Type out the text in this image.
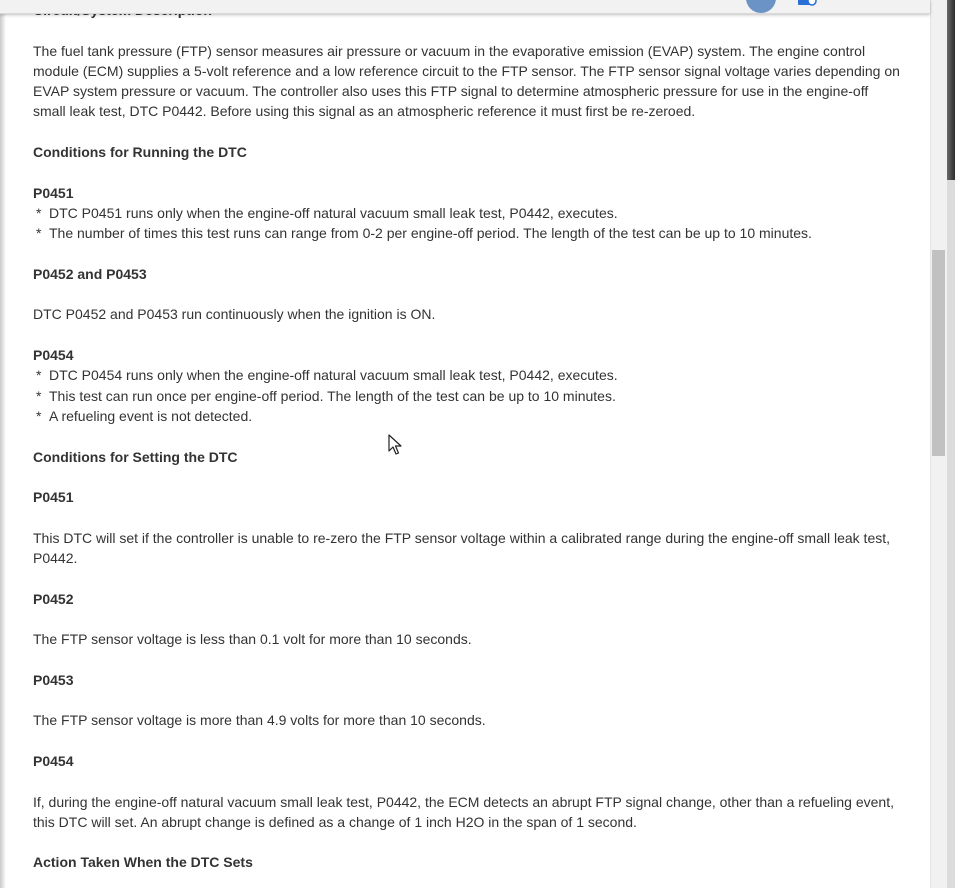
The fuel tank pressure (FTP) sensor measures air pressure or vacuum in the evaporative emission (EVAP) system. The engine control module (ECM) supplies a 5-volt reference and a low reference circuit to the FTP sensor. The FTP sensor signal voltage varies depending on EVAP system pressure or vacuum. The controller also uses this FTP signal to determine atmospheric pressure for use in the engine-off small leak test, DTC P0442. Before using this signal as an atmospheric reference it must first be re-zeroed.

Conditions for Running the DTC

P0451

* DTC P0451 runs only when the engine-off natural vacuum small leak test, P0442, executes.

* The number of times this test runs can range from 0-2 per engine-off period. The length of the test can be up to 10 minutes.

P0452 and P0453

DTC P0452 and P0453 run continuously when the ignition is ON.

P0454

* DTC P0454 runs only when the engine-off natural vacuum small leak test, P0442, executes.

* This test can run once per engine-off period. The length of the test can be up to 10 minutes.

* A refueling event is not detected.

Conditions for Setting the DTC

P0451

This DTC will set if the controller is unable to re-zero the FTP sensor voltage within a calibrated range during the engine-off small leak test, P0442.

P0452

The FTP sensor voltage is less than 0.1 volt for more than 10 seconds.

P0453

The FTP sensor voltage is more than 4.9 volts for more than 10 seconds.

P0454

If, during the engine-off natural vacuum small leak test, P0442, the ECM detects an abrupt FTP signal change, other than a refueling event, this DTC will set. An abrupt change is defined as a change of 1 inch H2O in the span of 1 second.

Action Taken When the DTC Sets
